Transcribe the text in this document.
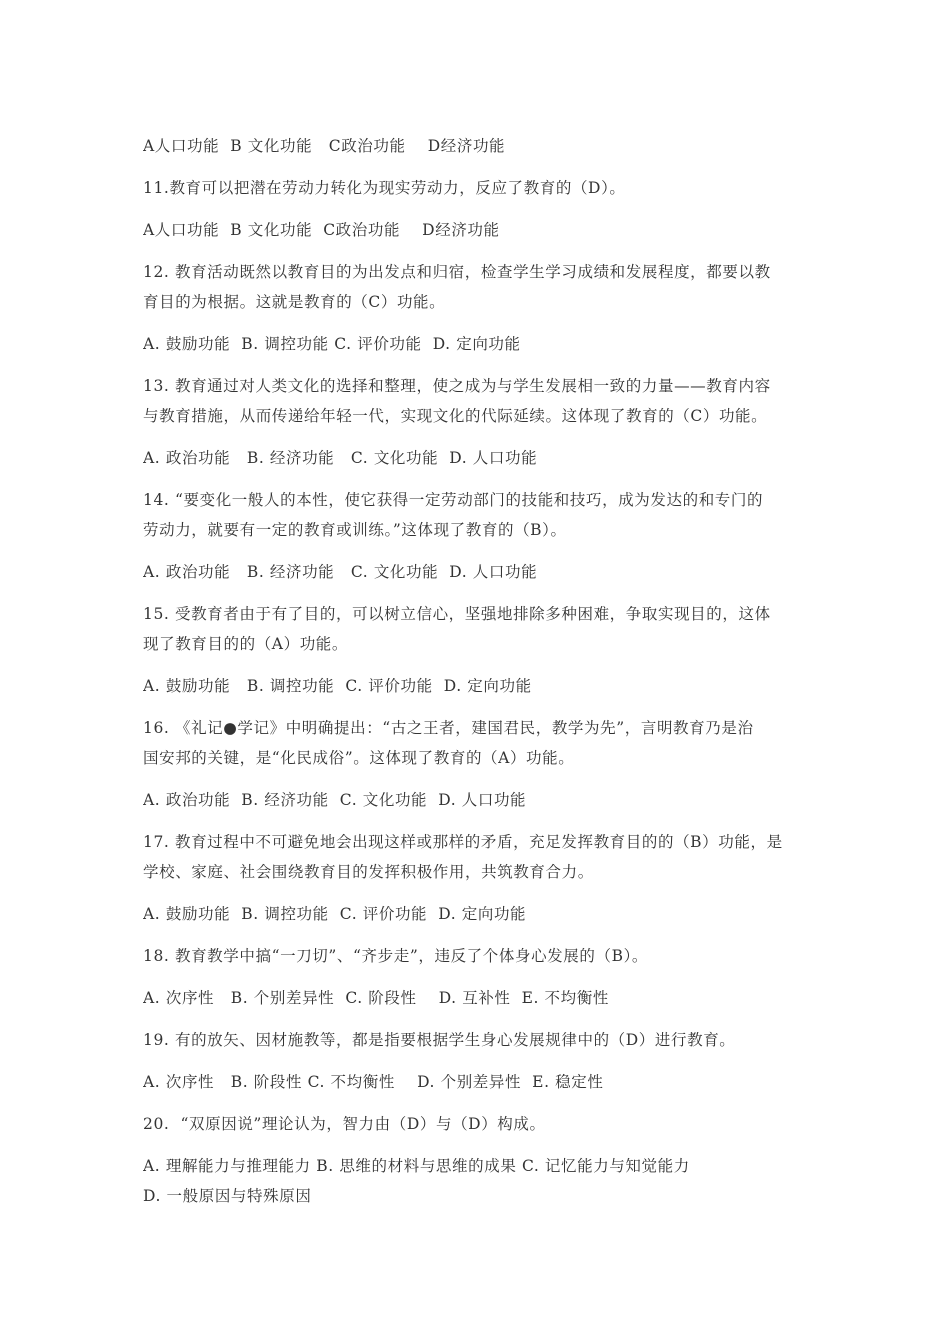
A人口功能  B 文化功能   C政治功能    D经济功能
11.教育可以把潜在劳动力转化为现实劳动力，反应了教育的（D）。
A人口功能  B 文化功能  C政治功能    D经济功能
12. 教育活动既然以教育目的为出发点和归宿，检查学生学习成绩和发展程度，都要以教
育目的为根据。这就是教育的（C）功能。
A. 鼓励功能  B. 调控功能 C. 评价功能  D. 定向功能
13. 教育通过对人类文化的选择和整理，使之成为与学生发展相一致的力量——教育内容
与教育措施，从而传递给年轻一代，实现文化的代际延续。这体现了教育的（C）功能。
A. 政治功能   B. 经济功能   C. 文化功能  D. 人口功能
14. “要变化一般人的本性，使它获得一定劳动部门的技能和技巧，成为发达的和专门的
劳动力，就要有一定的教育或训练。”这体现了教育的（B）。
A. 政治功能   B. 经济功能   C. 文化功能  D. 人口功能
15. 受教育者由于有了目的，可以树立信心，坚强地排除多种困难，争取实现目的，这体
现了教育目的的（A）功能。
A. 鼓励功能   B. 调控功能  C. 评价功能  D. 定向功能
16. 《礼记●学记》中明确提出：“古之王者，建国君民，教学为先”，言明教育乃是治
国安邦的关键，是“化民成俗”。这体现了教育的（A）功能。
A. 政治功能  B. 经济功能  C. 文化功能  D. 人口功能
17. 教育过程中不可避免地会出现这样或那样的矛盾，充足发挥教育目的的（B）功能，是
学校、家庭、社会围绕教育目的发挥积极作用，共筑教育合力。
A. 鼓励功能  B. 调控功能  C. 评价功能  D. 定向功能
18. 教育教学中搞“一刀切”、“齐步走”，违反了个体身心发展的（B）。
A. 次序性   B. 个别差异性  C. 阶段性    D. 互补性  E. 不均衡性
19. 有的放矢、因材施教等，都是指要根据学生身心发展规律中的（D）进行教育。
A. 次序性   B. 阶段性 C. 不均衡性    D. 个别差异性  E. 稳定性
20.  “双原因说”理论认为，智力由（D）与（D）构成。
A. 理解能力与推理能力 B. 思维的材料与思维的成果 C. 记忆能力与知觉能力
D. 一般原因与特殊原因
